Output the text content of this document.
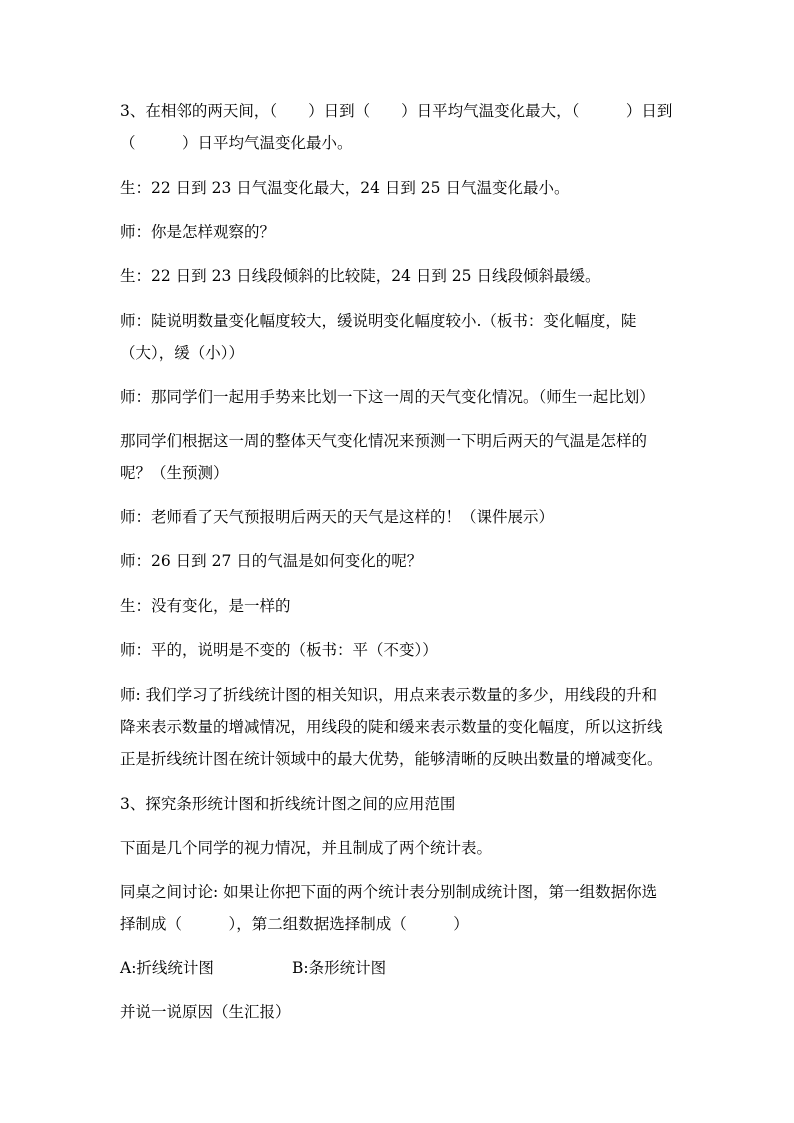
3、在相邻的两天间，（　　）日到（　　）日平均气温变化最大，（　　　）日到
（　　　）日平均气温变化最小。
生：22 日到 23 日气温变化最大，24 日到 25 日气温变化最小。
师：你是怎样观察的？
生：22 日到 23 日线段倾斜的比较陡，24 日到 25 日线段倾斜最缓。
师：陡说明数量变化幅度较大，缓说明变化幅度较小.（板书：变化幅度，陡
（大），缓（小））
师：那同学们一起用手势来比划一下这一周的天气变化情况。（师生一起比划）
那同学们根据这一周的整体天气变化情况来预测一下明后两天的气温是怎样的
呢？（生预测）
师：老师看了天气预报明后两天的天气是这样的！（课件展示）
师：26 日到 27 日的气温是如何变化的呢？
生：没有变化，是一样的
师：平的，说明是不变的（板书：平（不变））
师: 我们学习了折线统计图的相关知识，用点来表示数量的多少，用线段的升和
降来表示数量的增减情况，用线段的陡和缓来表示数量的变化幅度，所以这折线
正是折线统计图在统计领域中的最大优势，能够清晰的反映出数量的增减变化。
3、探究条形统计图和折线统计图之间的应用范围
下面是几个同学的视力情况，并且制成了两个统计表。
同桌之间讨论: 如果让你把下面的两个统计表分别制成统计图，第一组数据你选
择制成（　　　），第二组数据选择制成（　　　）
A:折线统计图	B:条形统计图
并说一说原因（生汇报）
